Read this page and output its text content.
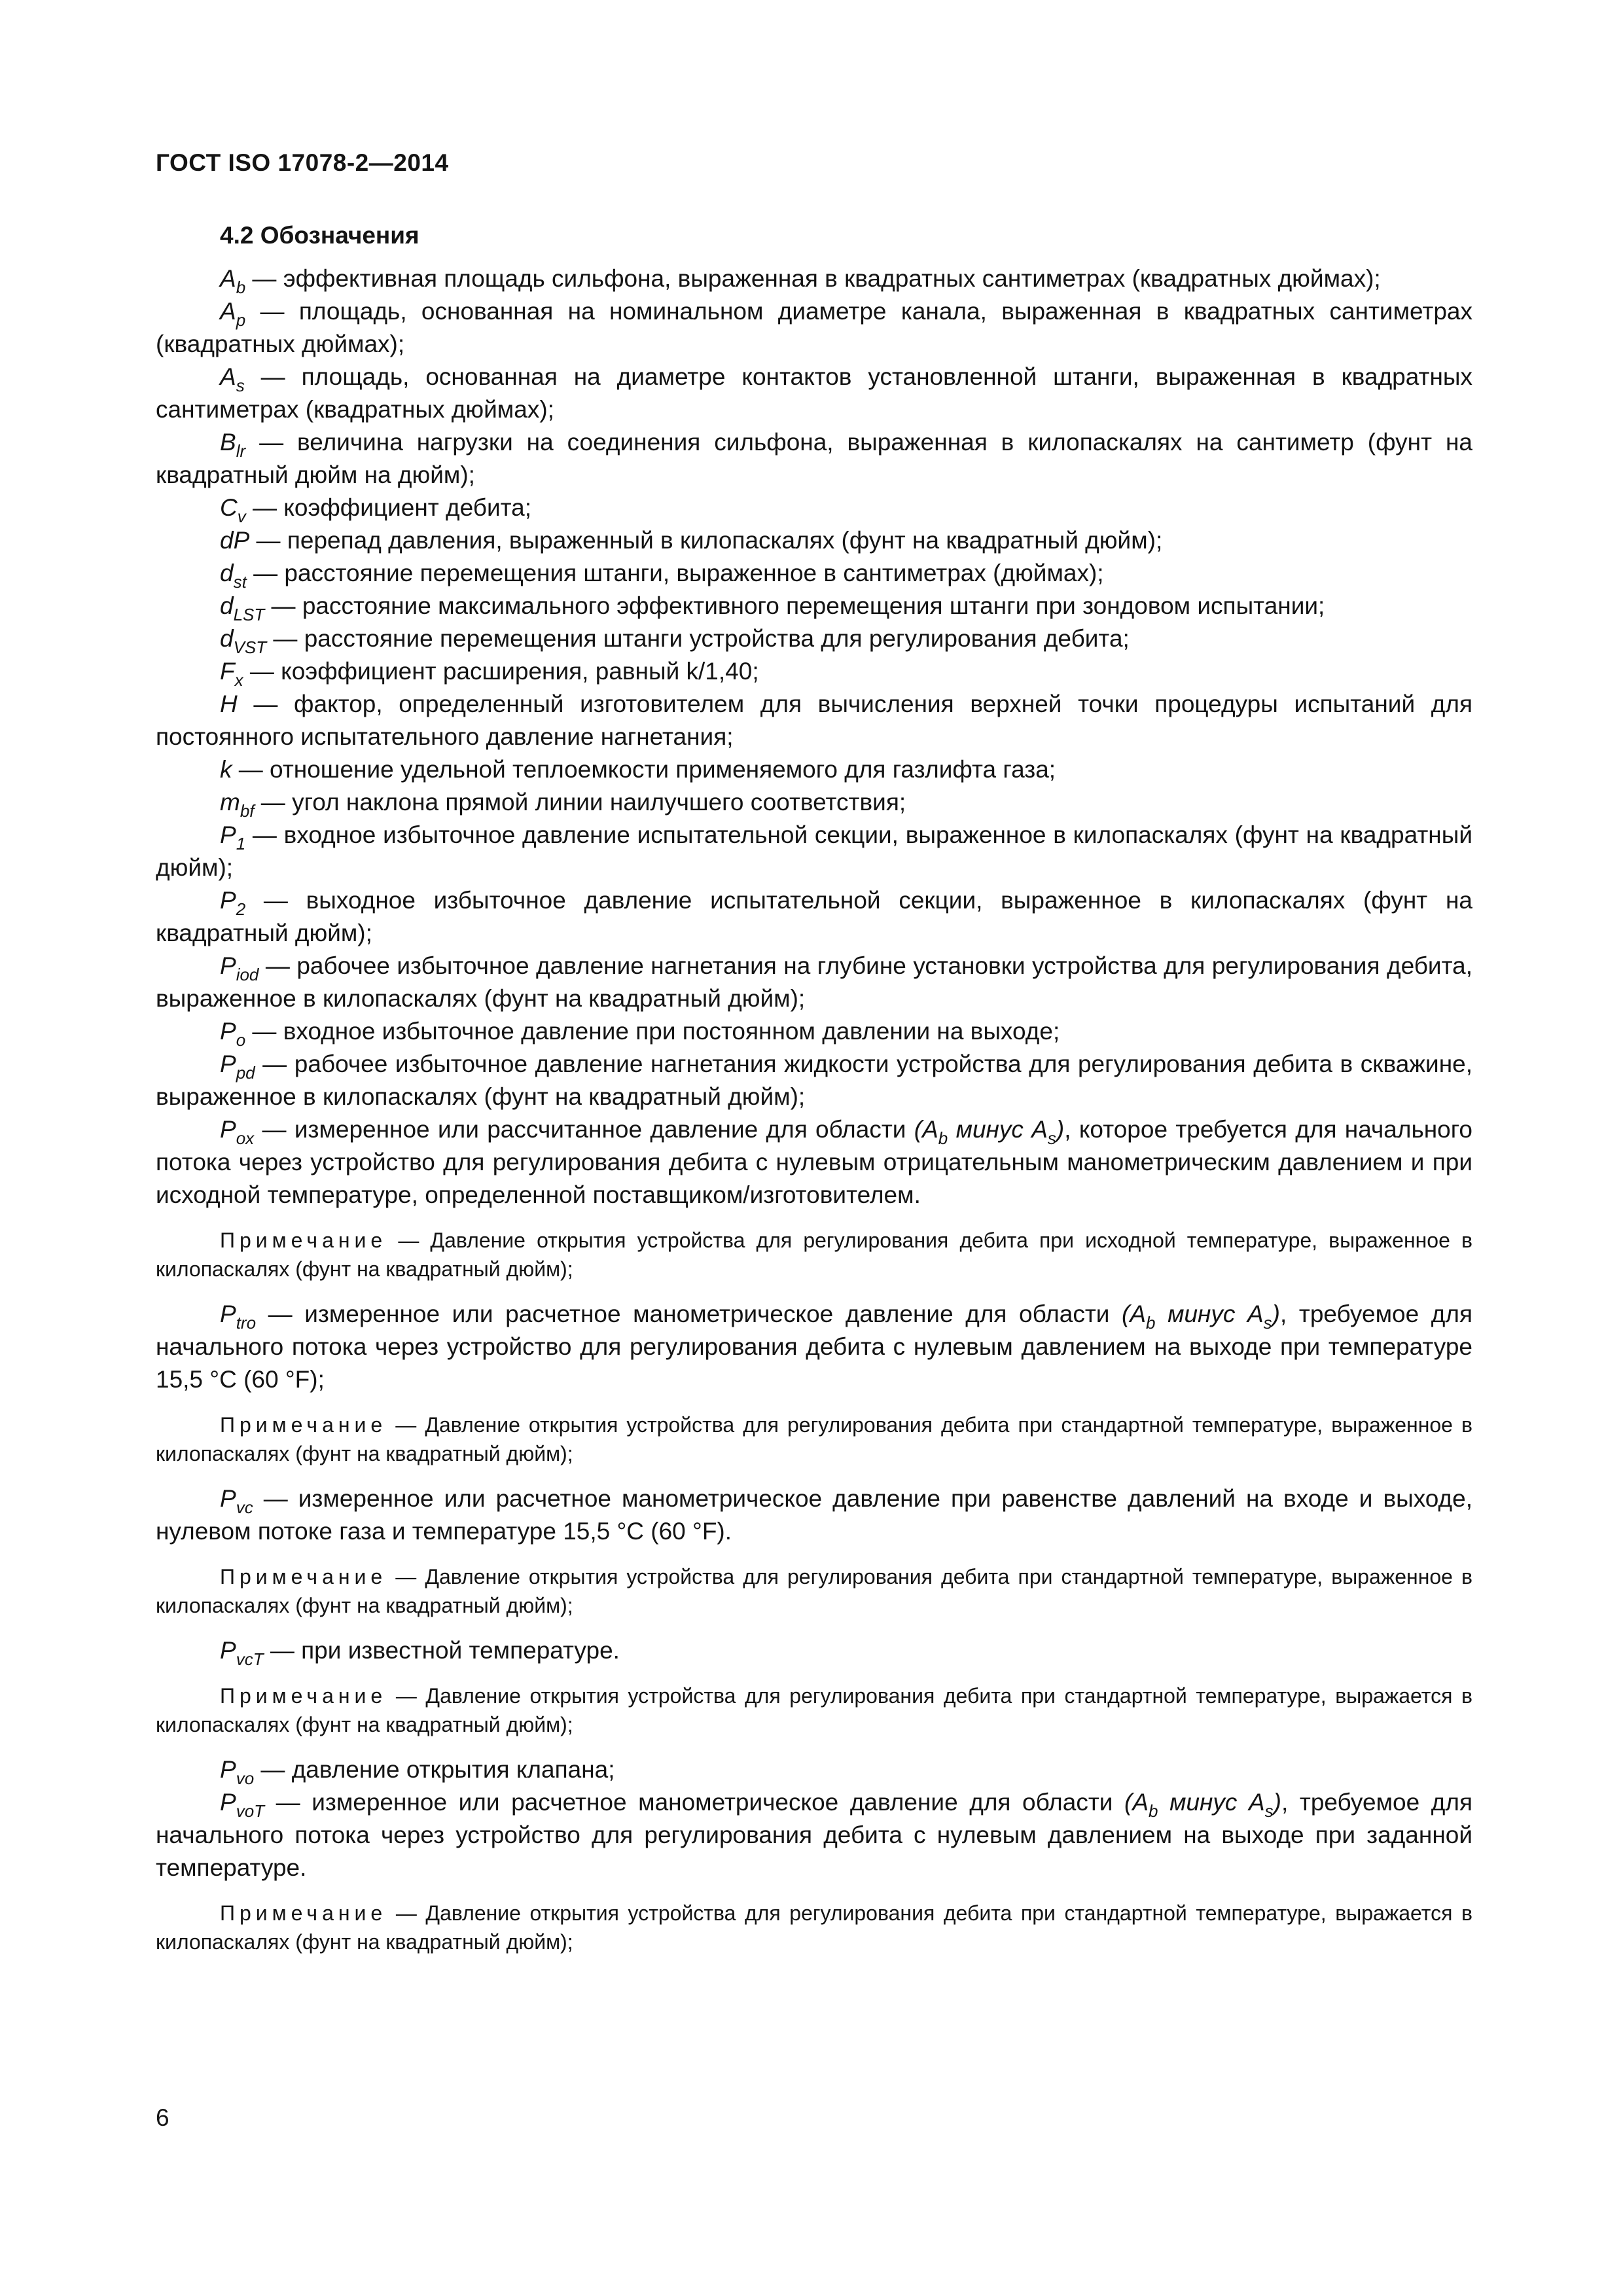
ГОСТ ISO 17078-2—2014
4.2 Обозначения

$A_b$ — эффективная площадь сильфона, выраженная в квадратных сантиметрах (квадратных дюймах);

$A_p$ — площадь, основанная на номинальном диаметре канала, выраженная в квадратных сантиметрах (квадратных дюймах);

$A_s$ — площадь, основанная на диаметре контактов установленной штанги, выраженная в квадратных сантиметрах (квадратных дюймах);

$B_{lr}$ — величина нагрузки на соединения сильфона, выраженная в килопаскалях на сантиметр (фунт на квадратный дюйм на дюйм);

$C_v$ — коэффициент дебита;

dP — перепад давления, выраженный в килопаскалях (фунт на квадратный дюйм);

$d_{st}$ — расстояние перемещения штанги, выраженное в сантиметрах (дюймах);

$d_{LST}$ — расстояние максимального эффективного перемещения штанги при зондовом испытании;

$d_{VST}$ — расстояние перемещения штанги устройства для регулирования дебита;

$F_x$ — коэффициент расширения, равный k/1,40;

H — фактор, определенный изготовителем для вычисления верхней точки процедуры испытаний для постоянного испытательного давление нагнетания;

k — отношение удельной теплоемкости применяемого для газлифта газа;

$m_{bf}$ — угол наклона прямой линии наилучшего соответствия;

$P_1$ — входное избыточное давление испытательной секции, выраженное в килопаскалях (фунт на квадратный дюйм);

$P_2$ — выходное избыточное давление испытательной секции, выраженное в килопаскалях (фунт на квадратный дюйм);

$P_{iod}$ — рабочее избыточное давление нагнетания на глубине установки устройства для регулирования дебита, выраженное в килопаскалях (фунт на квадратный дюйм);

$P_o$ — входное избыточное давление при постоянном давлении на выходе;

$P_{pd}$ — рабочее избыточное давление нагнетания жидкости устройства для регулирования дебита в скважине, выраженное в килопаскалях (фунт на квадратный дюйм);

$P_{ox}$ — измеренное или рассчитанное давление для области ($A_b$ минус $A_s$), которое требуется для начального потока через устройство для регулирования дебита с нулевым отрицательным манометрическим давлением и при исходной температуре, определенной поставщиком/изготовителем.

Примечание — Давление открытия устройства для регулирования дебита при исходной температуре, выраженное в килопаскалях (фунт на квадратный дюйм);

$P_{tro}$ — измеренное или расчетное манометрическое давление для области ($A_b$ минус $A_s$), требуемое для начального потока через устройство для регулирования дебита с нулевым давлением на выходе при температуре 15,5 °С (60 °F);

Примечание — Давление открытия устройства для регулирования дебита при стандартной температуре, выраженное в килопаскалях (фунт на квадратный дюйм);

$P_{vc}$ — измеренное или расчетное манометрическое давление при равенстве давлений на входе и выходе, нулевом потоке газа и температуре 15,5 °С (60 °F).

Примечание — Давление открытия устройства для регулирования дебита при стандартной температуре, выраженное в килопаскалях (фунт на квадратный дюйм);

$P_{vcT}$ — при известной температуре.

Примечание — Давление открытия устройства для регулирования дебита при стандартной температуре, выражается в килопаскалях (фунт на квадратный дюйм);

$P_{vo}$ — давление открытия клапана;

$P_{voT}$ — измеренное или расчетное манометрическое давление для области ($A_b$ минус $A_s$), требуемое для начального потока через устройство для регулирования дебита с нулевым давлением на выходе при заданной температуре.

Примечание — Давление открытия устройства для регулирования дебита при стандартной температуре, выражается в килопаскалях (фунт на квадратный дюйм);

6
